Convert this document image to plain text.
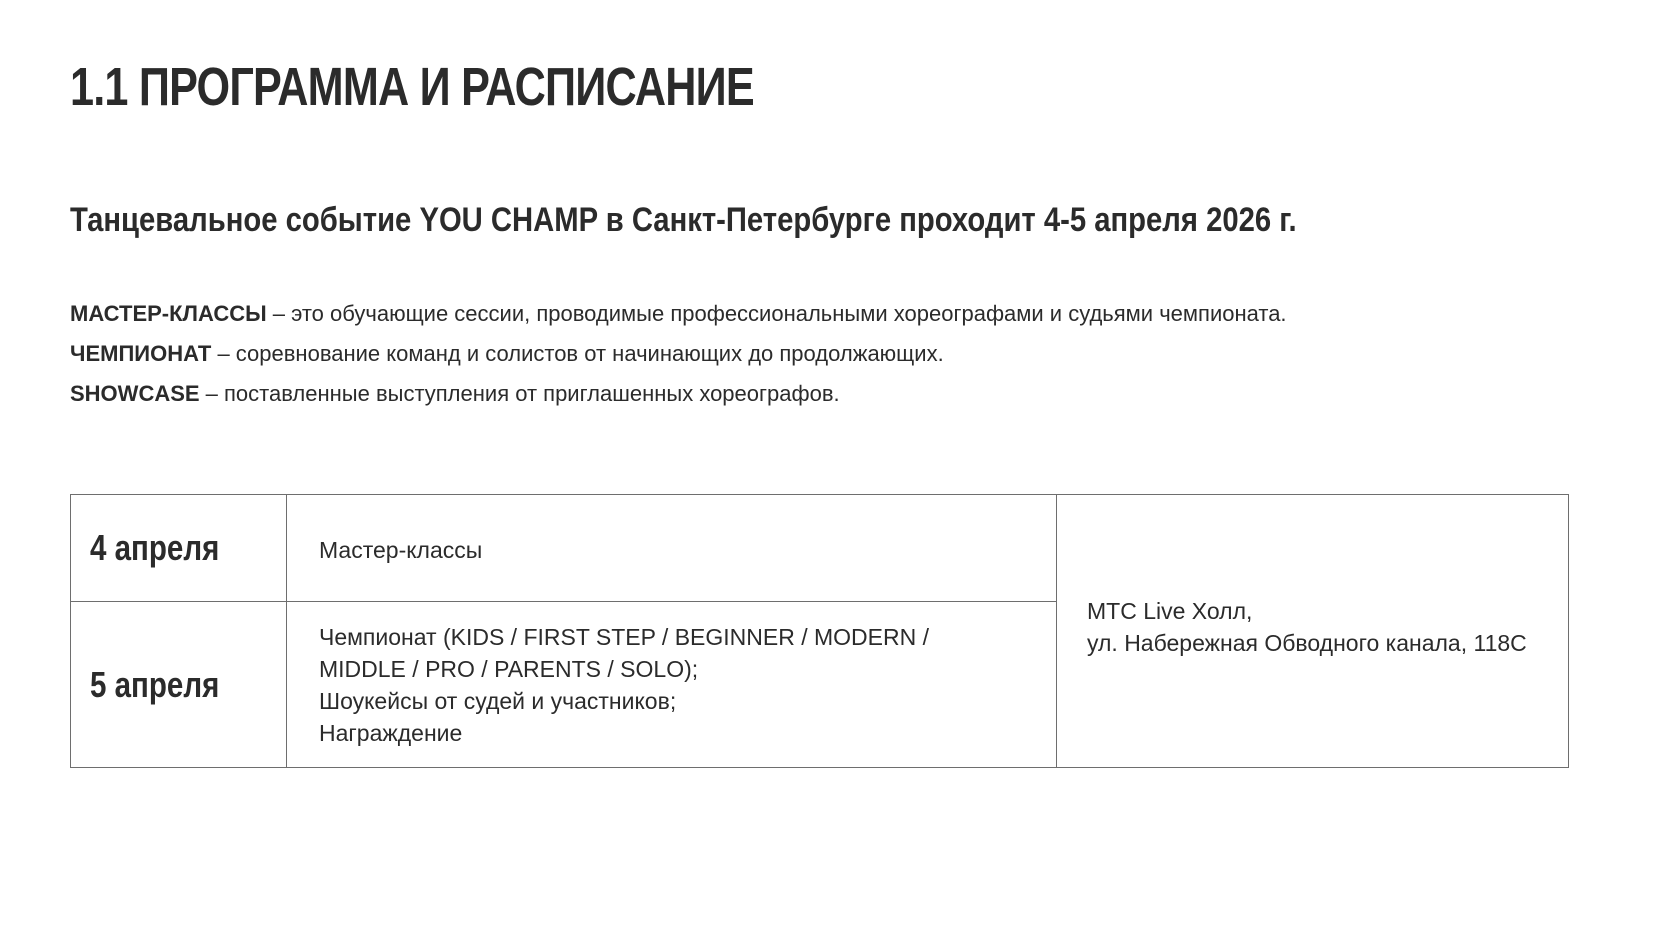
1.1 ПРОГРАММА И РАСПИСАНИЕ
Танцевальное событие YOU CHAMP в Санкт-Петербурге проходит 4-5 апреля 2026 г.
МАСТЕР-КЛАССЫ – это обучающие сессии, проводимые профессиональными хореографами и судьями чемпионата.
ЧЕМПИОНАТ – соревнование команд и солистов от начинающих до продолжающих.
SHOWCASE – поставленные выступления от приглашенных хореографов.
4 апреля	Мастер-классы
5 апреля
Чемпионат (KIDS / FIRST STEP / BEGINNER / MODERN /
MIDDLE / PRO / PARENTS / SOLO);
Шоукейсы от судей и участников;
Награждение
МТС Live Холл,
ул. Набережная Обводного канала, 118С
